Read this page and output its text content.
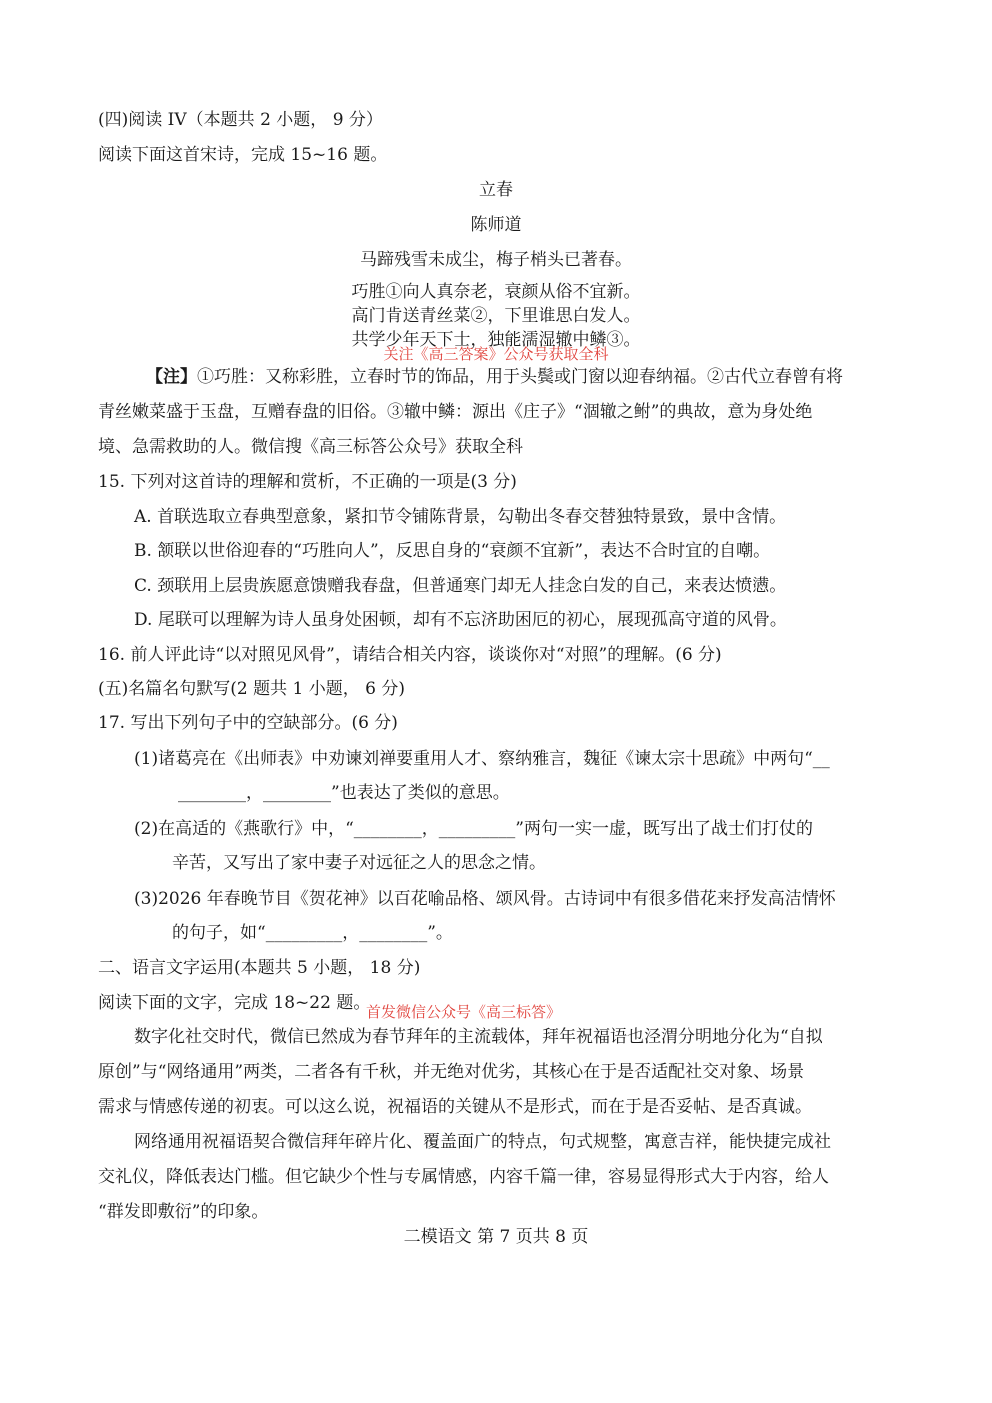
(四)阅读 IV（本题共 2 小题， 9 分）
阅读下面这首宋诗，完成 15~16 题。
立春
陈师道
马蹄残雪未成尘，梅子梢头已著春。
巧胜①向人真奈老，衰颜从俗不宜新。
高门肯送青丝菜②，下里谁思白发人。
共学少年天下士，独能濡湿辙中鳞③。
关注《高三答案》公众号获取全科
【注】①巧胜：又称彩胜，立春时节的饰品，用于头鬓或门窗以迎春纳福。②古代立春曾有将
青丝嫩菜盛于玉盘，互赠春盘的旧俗。③辙中鳞：源出《庄子》“涸辙之鲋”的典故，意为身处绝
境、急需救助的人。微信搜《高三标答公众号》获取全科
15. 下列对这首诗的理解和赏析，不正确的一项是(3 分)
A. 首联选取立春典型意象，紧扣节令铺陈背景，勾勒出冬春交替独特景致，景中含情。
B. 颔联以世俗迎春的“巧胜向人”，反思自身的“衰颜不宜新”，表达不合时宜的自嘲。
C. 颈联用上层贵族愿意馈赠我春盘，但普通寒门却无人挂念白发的自己，来表达愤懑。
D. 尾联可以理解为诗人虽身处困顿，却有不忘济助困厄的初心，展现孤高守道的风骨。
16. 前人评此诗“以对照见风骨”，请结合相关内容，谈谈你对“对照”的理解。(6 分)
(五)名篇名句默写(2 题共 1 小题， 6 分)
17. 写出下列句子中的空缺部分。(6 分)
(1)诸葛亮在《出师表》中劝谏刘禅要重用人才、察纳雅言，魏征《谏太宗十思疏》中两句“__
________，________”也表达了类似的意思。
(2)在高适的《燕歌行》中，“________，_________”两句一实一虚，既写出了战士们打仗的
辛苦，又写出了家中妻子对远征之人的思念之情。
(3)2026 年春晚节目《贺花神》以百花喻品格、颂风骨。古诗词中有很多借花来抒发高洁情怀
的句子，如“_________，________”。
二、语言文字运用(本题共 5 小题， 18 分)
阅读下面的文字，完成 18~22 题。
首发微信公众号《高三标答》
数字化社交时代，微信已然成为春节拜年的主流载体，拜年祝福语也泾渭分明地分化为“自拟
原创”与“网络通用”两类，二者各有千秋，并无绝对优劣，其核心在于是否适配社交对象、场景
需求与情感传递的初衷。可以这么说，祝福语的关键从不是形式，而在于是否妥帖、是否真诚。
网络通用祝福语契合微信拜年碎片化、覆盖面广的特点，句式规整，寓意吉祥，能快捷完成社
交礼仪，降低表达门槛。但它缺少个性与专属情感，内容千篇一律，容易显得形式大于内容，给人
“群发即敷衍”的印象。
二模语文 第 7 页共 8 页
